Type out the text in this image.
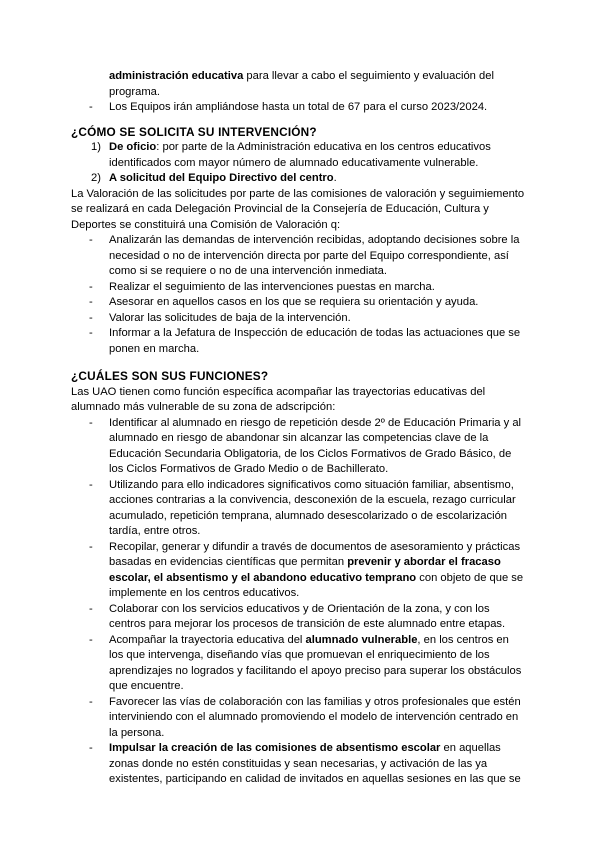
administración educativa para llevar a cabo el seguimiento y evaluación del programa.

- Los Equipos irán ampliándose hasta un total de 67 para el curso 2023/2024.

¿CÓMO SE SOLICITA SU INTERVENCIÓN?

1) De oficio: por parte de la Administración educativa en los centros educativos identificados com mayor número de alumnado educativamente vulnerable.
2) A solicitud del Equipo Directivo del centro.

La Valoración de las solicitudes por parte de las comisiones de valoración y seguimiemento se realizará en cada Delegación Provincial de la Consejería de Educación, Cultura y Deportes se constituirá una Comisión de Valoración q:

- Analizarán las demandas de intervención recibidas, adoptando decisiones sobre la necesidad o no de intervención directa por parte del Equipo correspondiente, así como si se requiere o no de una intervención inmediata.
- Realizar el seguimiento de las intervenciones puestas en marcha.
- Asesorar en aquellos casos en los que se requiera su orientación y ayuda.
- Valorar las solicitudes de baja de la intervención.
- Informar a la Jefatura de Inspección de educación de todas las actuaciones que se ponen en marcha.

¿CUÁLES SON SUS FUNCIONES?

Las UAO tienen como función específica acompañar las trayectorias educativas del alumnado más vulnerable de su zona de adscripción:

- Identificar al alumnado en riesgo de repetición desde 2º de Educación Primaria y al alumnado en riesgo de abandonar sin alcanzar las competencias clave de la Educación Secundaria Obligatoria, de los Ciclos Formativos de Grado Básico, de los Ciclos Formativos de Grado Medio o de Bachillerato.
- Utilizando para ello indicadores significativos como situación familiar, absentismo, acciones contrarias a la convivencia, desconexión de la escuela, rezago curricular acumulado, repetición temprana, alumnado desescolarizado o de escolarización tardía, entre otros.
- Recopilar, generar y difundir a través de documentos de asesoramiento y prácticas basadas en evidencias científicas que permitan prevenir y abordar el fracaso escolar, el absentismo y el abandono educativo temprano con objeto de que se implemente en los centros educativos.
- Colaborar con los servicios educativos y de Orientación de la zona, y con los centros para mejorar los procesos de transición de este alumnado entre etapas.
- Acompañar la trayectoria educativa del alumnado vulnerable, en los centros en los que intervenga, diseñando vías que promuevan el enriquecimiento de los aprendizajes no logrados y facilitando el apoyo preciso para superar los obstáculos que encuentre.
- Favorecer las vías de colaboración con las familias y otros profesionales que estén interviniendo con el alumnado promoviendo el modelo de intervención centrado en la persona.
- Impulsar la creación de las comisiones de absentismo escolar en aquellas zonas donde no estén constituidas y sean necesarias, y activación de las ya existentes, participando en calidad de invitados en aquellas sesiones en las que se
